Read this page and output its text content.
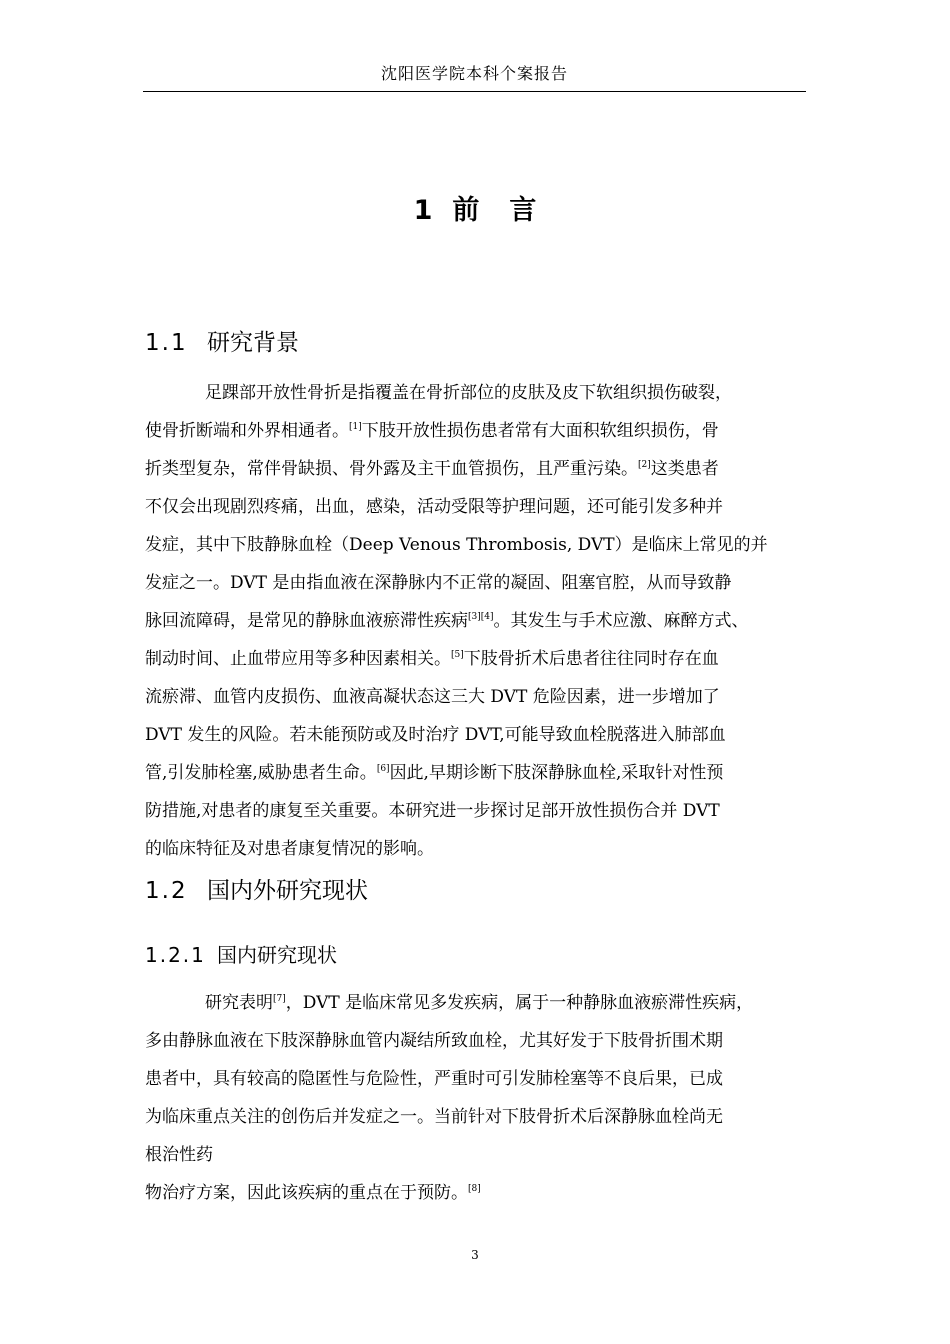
沈阳医学院本科个案报告
1 前 言
1.1 研究背景
足踝部开放性骨折是指覆盖在骨折部位的皮肤及皮下软组织损伤破裂，
使骨折断端和外界相通者。[1]下肢开放性损伤患者常有大面积软组织损伤，骨
折类型复杂，常伴骨缺损、骨外露及主干血管损伤，且严重污染。[2]这类患者
不仅会出现剧烈疼痛，出血，感染，活动受限等护理问题，还可能引发多种并
发症，其中下肢静脉血栓（Deep Venous Thrombosis, DVT）是临床上常见的并
发症之一。DVT 是由指血液在深静脉内不正常的凝固、阻塞官腔，从而导致静
脉回流障碍，是常见的静脉血液瘀滞性疾病[3][4]。其发生与手术应激、麻醉方式、
制动时间、止血带应用等多种因素相关。[5]下肢骨折术后患者往往同时存在血
流瘀滞、血管内皮损伤、血液高凝状态这三大 DVT 危险因素，进一步增加了
DVT 发生的风险。若未能预防或及时治疗 DVT,可能导致血栓脱落进入肺部血
管,引发肺栓塞,威胁患者生命。[6]因此,早期诊断下肢深静脉血栓,采取针对性预
防措施,对患者的康复至关重要。本研究进一步探讨足部开放性损伤合并 DVT
的临床特征及对患者康复情况的影响。
1.2 国内外研究现状
1.2.1 国内研究现状
研究表明[7]，DVT 是临床常见多发疾病，属于一种静脉血液瘀滞性疾病，
多由静脉血液在下肢深静脉血管内凝结所致血栓，尤其好发于下肢骨折围术期
患者中，具有较高的隐匿性与危险性，严重时可引发肺栓塞等不良后果，已成
为临床重点关注的创伤后并发症之一。当前针对下肢骨折术后深静脉血栓尚无
根治性药
物治疗方案，因此该疾病的重点在于预防。[8]
3
